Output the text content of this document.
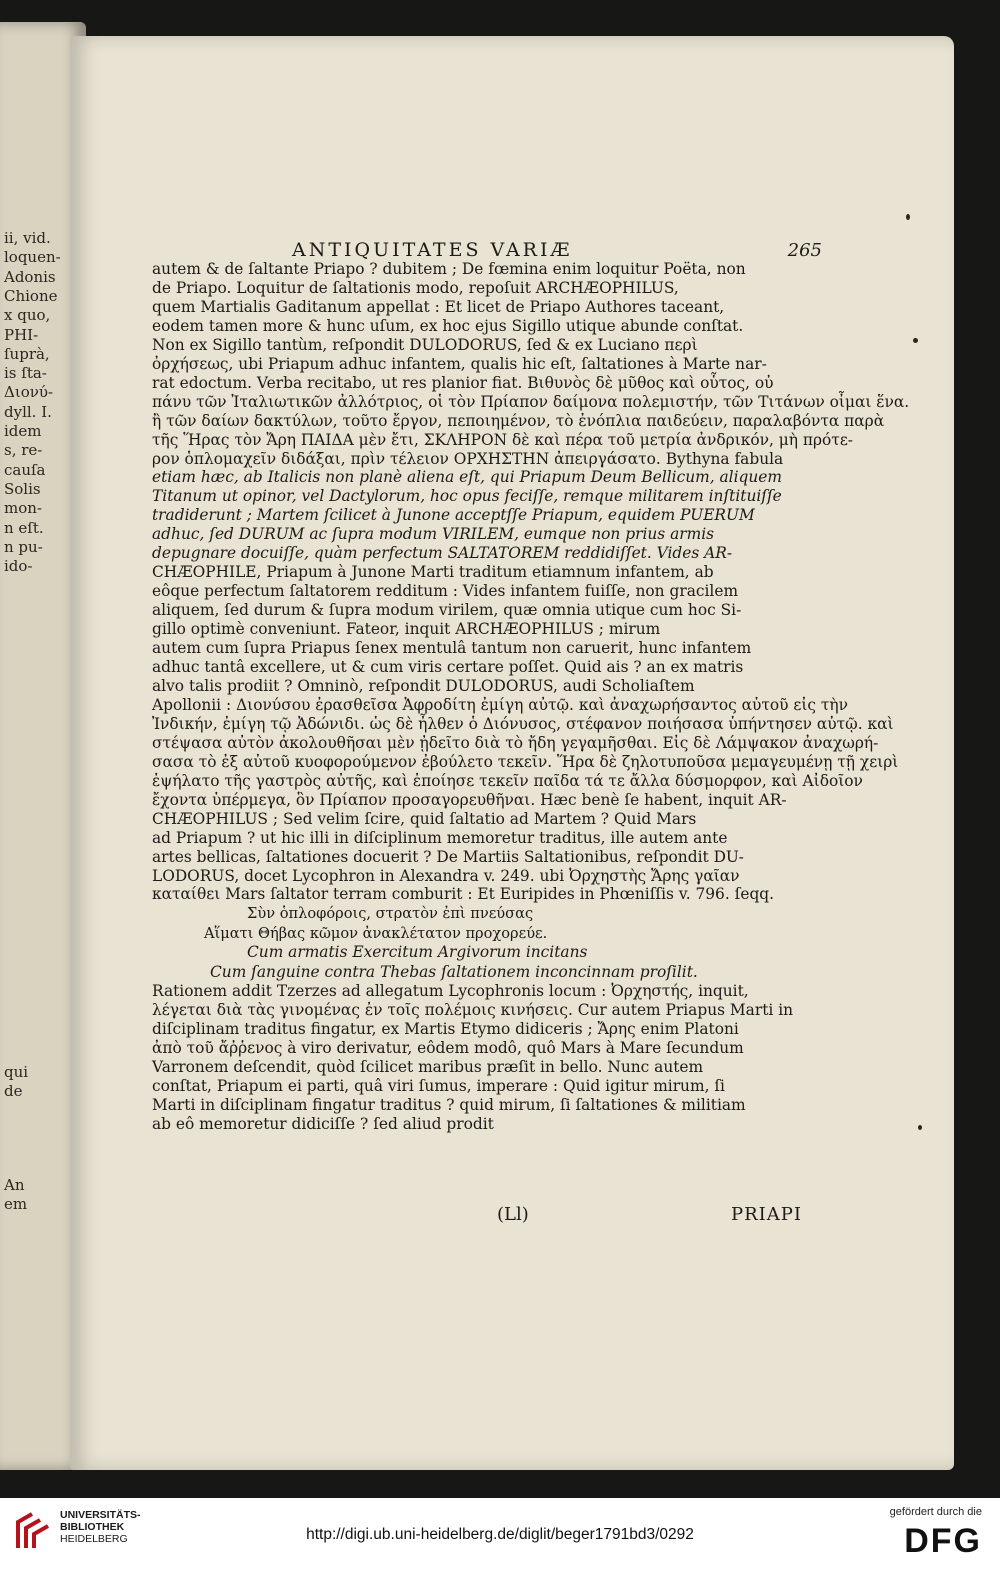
ii, vid.
loquen-
Adonis
Chione
x quo,
PHI-
ſuprà,
is ſta-
Διονύ-
dyll. I.
idem
s, re-
cauſa
Solis
mon-
n eſt.
n pu-
ido-
qui
de
An
em
ANTIQUITATES VARIÆ	265
autem & de ſaltante Priapo ? dubitem ; De fœmina enim loquitur Poëta, non
de Priapo. Loquitur de ſaltationis modo, repoſuit ARCHÆOPHILUS,
quem Martialis Gaditanum appellat : Et licet de Priapo Authores taceant,
eodem tamen more & hunc uſum, ex hoc ejus Sigillo utique abunde conſtat.
Non ex Sigillo tantùm, reſpondit DULODORUS, ſed & ex Luciano περὶ
ὀρχήσεως, ubi Priapum adhuc infantem, qualis hic eſt, ſaltationes à Marte nar-
rat edoctum. Verba recitabo, ut res planior fiat. Βιθυνὸς δὲ μῦθος καὶ οὗτος, οὐ
πάνυ τῶν Ἰταλιωτικῶν ἀλλότριος, οἱ τὸν Πρίαπον δαίμονα πολεμιστήν, τῶν Τιτάνων οἶμαι ἕνα.
ἢ τῶν δαίων δακτύλων, τοῦτο ἔργον, πεποιημένον, τὸ ἐνόπλια παιδεύειν, παραλαβόντα παρὰ
τῆς Ἥρας τὸν Ἄρη ΠΑΙΔΑ μὲν ἔτι, ΣΚΛΗΡΟΝ δὲ καὶ πέρα τοῦ μετρία ἀνδρικόν, μὴ πρότε-
ρον ὁπλομαχεῖν διδάξαι, πρὶν τέλειον ΟΡΧΗΣΤΗΝ ἀπειργάσατο. Bythyna fabula
etiam hæc, ab Italicis non planè aliena eſt, qui Priapum Deum Bellicum, aliquem
Titanum ut opinor, vel Dactylorum, hoc opus feciſſe, remque militarem inſtituiſſe
tradiderunt ; Martem ſcilicet à Junone acceptſſe Priapum, equidem PUERUM
adhuc, ſed DURUM ac ſupra modum VIRILEM, eumque non prius armis
depugnare docuiſſe, quàm perfectum SALTATOREM reddidiſſet. Vides AR-
CHÆOPHILE, Priapum à Junone Marti traditum etiamnum infantem, ab
eôque perfectum ſaltatorem redditum : Vides infantem fuiſſe, non gracilem
aliquem, ſed durum & ſupra modum virilem, quæ omnia utique cum hoc Si-
gillo optimè conveniunt. Fateor, inquit ARCHÆOPHILUS ; mirum
autem cum ſupra Priapus ſenex mentulâ tantum non caruerit, hunc infantem
adhuc tantâ excellere, ut & cum viris certare poſſet. Quid ais ? an ex matris
alvo talis prodiit ? Omninò, reſpondit DULODORUS, audi Scholiaſtem
Apollonii : Διονύσου ἐρασθεῖσα Ἀφροδίτη ἐμίγη αὐτῷ. καὶ ἀναχωρήσαντος αὐτοῦ εἰς τὴν
Ἰνδικήν, ἐμίγη τῷ Ἀδώνιδι. ὡς δὲ ἦλθεν ὁ Διόνυσος, στέφανον ποιήσασα ὑπήντησεν αὐτῷ. καὶ
στέψασα αὐτὸν ἀκολουθῆσαι μὲν ᾐδεῖτο διὰ τὸ ἤδη γεγαμῆσθαι. Εἰς δὲ Λάμψακον ἀναχωρή-
σασα τὸ ἐξ αὐτοῦ κυοφορούμενον ἐβούλετο τεκεῖν. Ἥρα δὲ ζηλοτυποῦσα μεμαγευμένῃ τῇ χειρὶ
ἐψήλατο τῆς γαστρὸς αὐτῆς, καὶ ἐποίησε τεκεῖν παῖδα τά τε ἄλλα δύσμορφον, καὶ Αἰδοῖον
ἔχοντα ὑπέρμεγα, ὃν Πρίαπον προσαγορευθῆναι. Hæc benè ſe habent, inquit AR-
CHÆOPHILUS ; Sed velim ſcire, quid ſaltatio ad Martem ? Quid Mars
ad Priapum ? ut hic illi in diſciplinum memoretur traditus, ille autem ante
artes bellicas, ſaltationes docuerit ? De Martiis Saltationibus, reſpondit DU-
LODORUS, docet Lycophron in Alexandra v. 249. ubi Ὀρχηστὴς Ἄρης γαῖαν
καταίθει Mars ſaltator terram comburit : Et Euripides in Phœniſſis v. 796. ſeqq.
Σὺν ὁπλοφόροις, στρατὸν ἐπὶ πνεύσας
Αἵματι Θήβας κῶμον ἀνακλέτατον προχορεύε.
Cum armatis Exercitum Argivorum incitans
Cum ſanguine contra Thebas ſaltationem inconcinnam proſilit.
Rationem addit Tzerzes ad allegatum Lycophronis locum : Ὀρχηστής, inquit,
λέγεται διὰ τὰς γινομένας ἐν τοῖς πολέμοις κινήσεις. Cur autem Priapus Marti in
diſciplinam traditus fingatur, ex Martis Etymo didiceris ; Ἄρης enim Platoni
ἀπὸ τοῦ ἄῤῥενος à viro derivatur, eôdem modô, quô Mars à Mare ſecundum
Varronem deſcendit, quòd ſcilicet maribus præſit in bello. Nunc autem
conſtat, Priapum ei parti, quâ viri ſumus, imperare : Quid igitur mirum, ſi
Marti in diſciplinam fingatur traditus ? quid mirum, ſi ſaltationes & militiam
ab eô memoretur didiciſſe ? ſed aliud prodit
(Ll)	PRIAPI
UNIVERSITÄTS-
BIBLIOTHEK
HEIDELBERG	http://digi.ub.uni-heidelberg.de/diglit/beger1791bd3/0292
gefördert durch die
DFG
